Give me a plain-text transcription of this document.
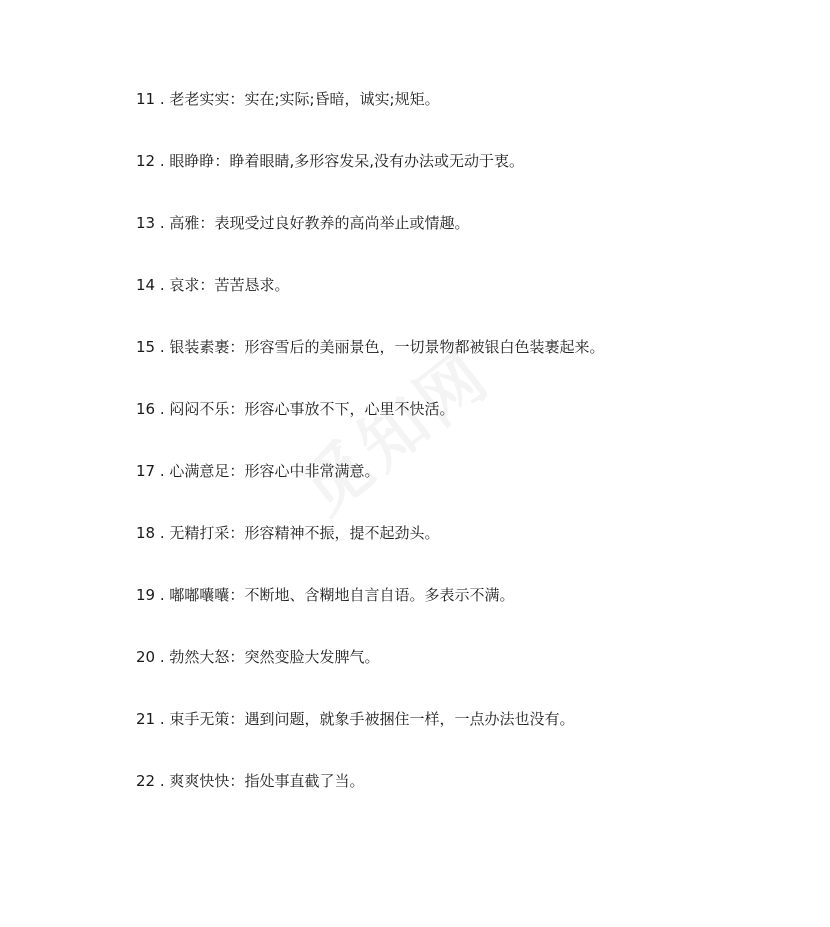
11 . 老老实实：实在;实际;昏暗，诚实;规矩。
12 . 眼睁睁：睁着眼睛,多形容发呆,没有办法或无动于衷。
13 . 高雅：表现受过良好教养的高尚举止或情趣。
14 . 哀求：苦苦恳求。
15 . 银装素裹：形容雪后的美丽景色，一切景物都被银白色装裹起来。
16 . 闷闷不乐：形容心事放不下，心里不快活。
17 . 心满意足：形容心中非常满意。
18 . 无精打采：形容精神不振，提不起劲头。
19 . 嘟嘟囔囔：不断地、含糊地自言自语。多表示不满。
20 . 勃然大怒：突然变脸大发脾气。
21 . 束手无策：遇到问题，就象手被捆住一样，一点办法也没有。
22 . 爽爽快快：指处事直截了当。
